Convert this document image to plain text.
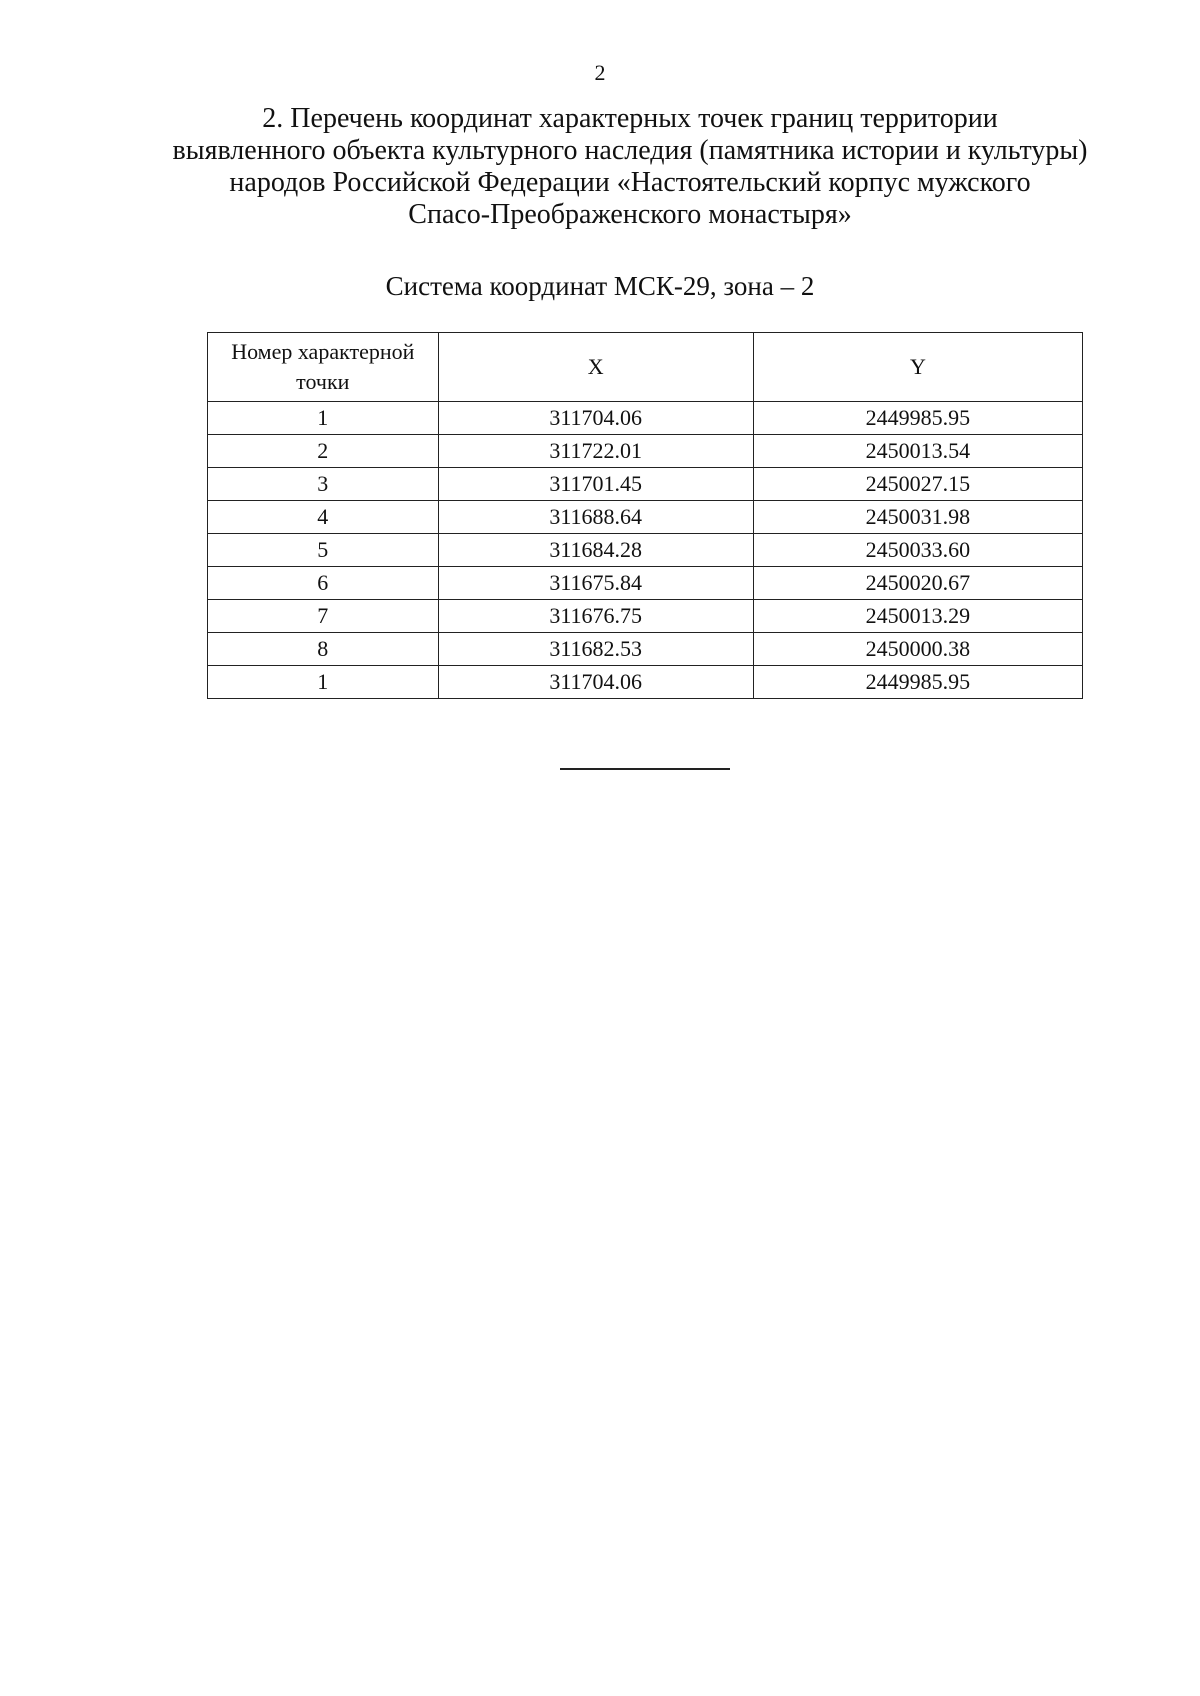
2
2. Перечень координат характерных точек границ территории
выявленного объекта культурного наследия (памятника истории и культуры)
народов Российской Федерации «Настоятельский корпус мужского
Спасо-Преображенского монастыря»
Система координат МСК-29, зона – 2
Номер характерной точки	X	Y
1	311704.06	2449985.95
2	311722.01	2450013.54
3	311701.45	2450027.15
4	311688.64	2450031.98
5	311684.28	2450033.60
6	311675.84	2450020.67
7	311676.75	2450013.29
8	311682.53	2450000.38
1	311704.06	2449985.95
